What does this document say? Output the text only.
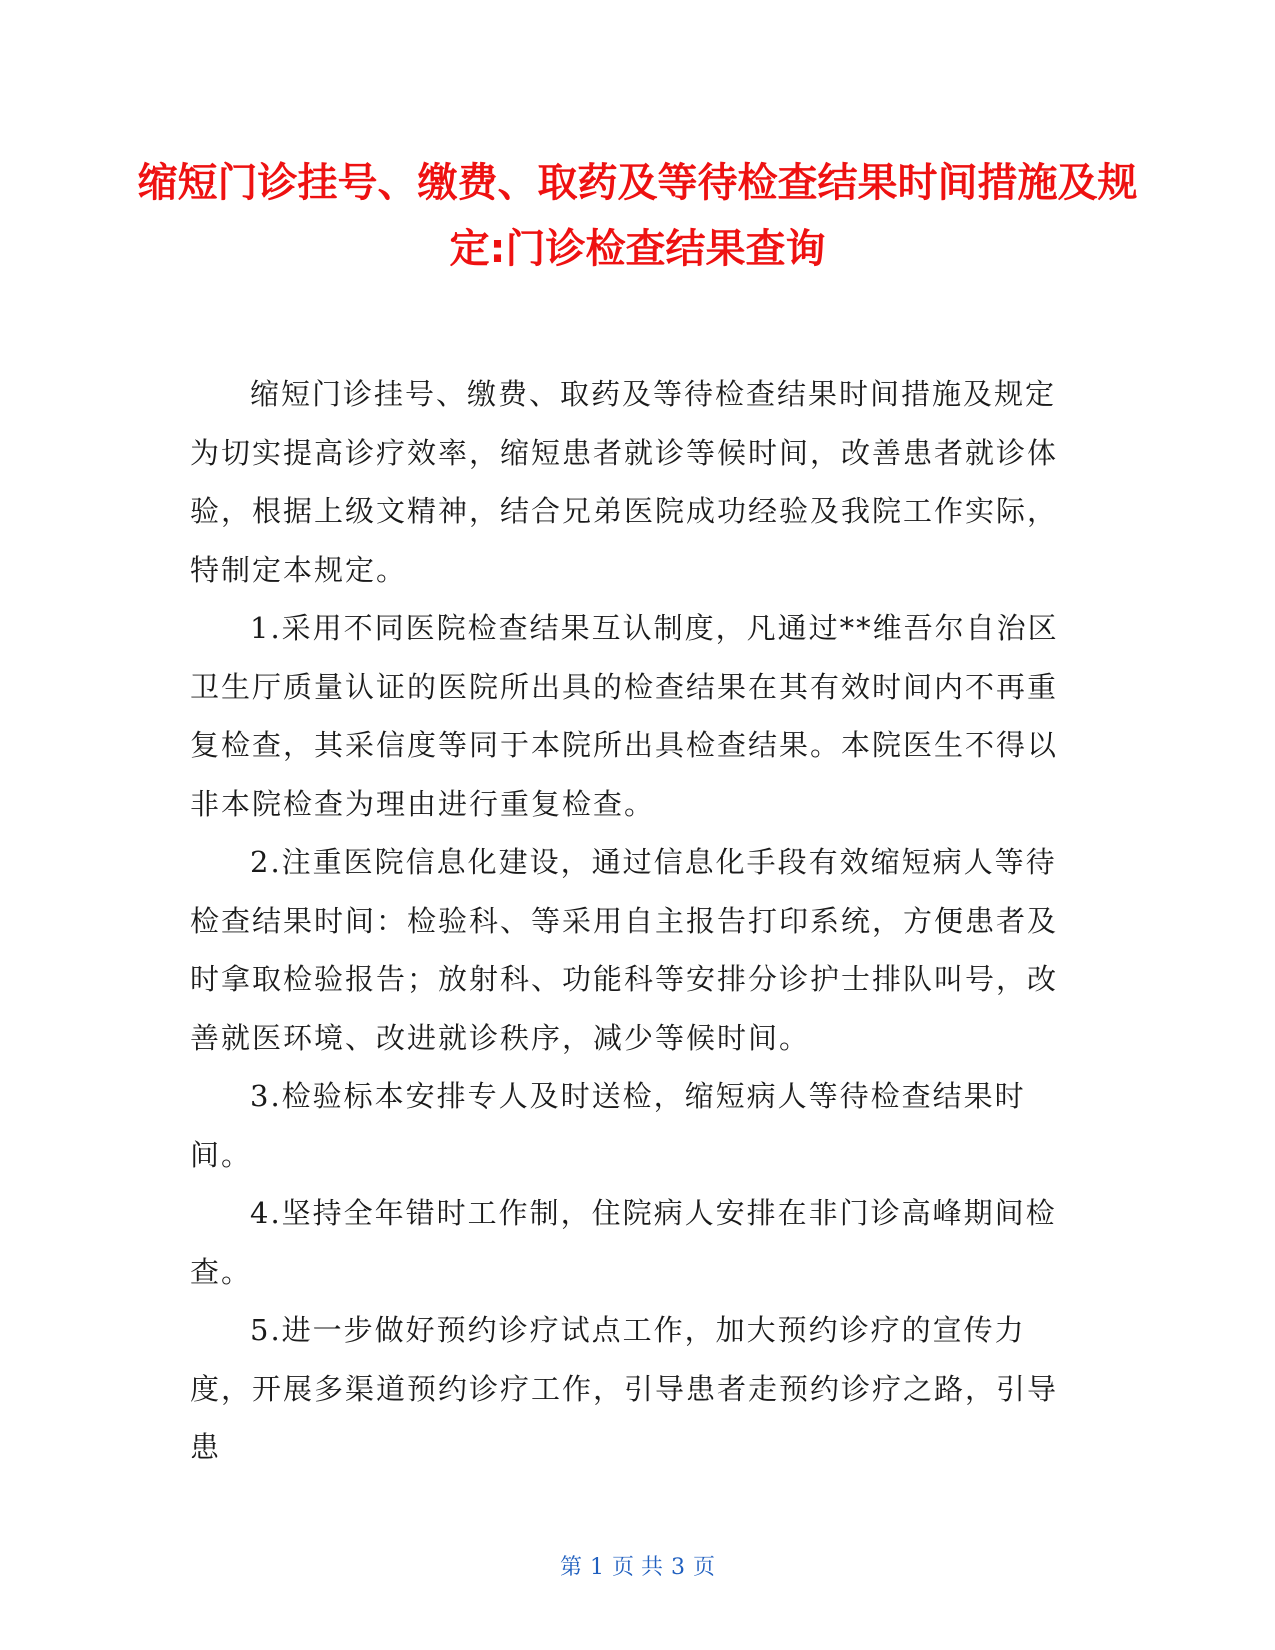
缩短门诊挂号、缴费、取药及等待检查结果时间措施及规定:门诊检查结果查询

缩短门诊挂号、缴费、取药及等待检查结果时间措施及规定为切实提高诊疗效率，缩短患者就诊等候时间，改善患者就诊体验，根据上级文精神，结合兄弟医院成功经验及我院工作实际，特制定本规定。

1.采用不同医院检查结果互认制度，凡通过**维吾尔自治区卫生厅质量认证的医院所出具的检查结果在其有效时间内不再重复检查，其采信度等同于本院所出具检查结果。本院医生不得以非本院检查为理由进行重复检查。

2.注重医院信息化建设，通过信息化手段有效缩短病人等待检查结果时间：检验科、等采用自主报告打印系统，方便患者及时拿取检验报告；放射科、功能科等安排分诊护士排队叫号，改善就医环境、改进就诊秩序，减少等候时间。

3.检验标本安排专人及时送检，缩短病人等待检查结果时间。

4.坚持全年错时工作制，住院病人安排在非门诊高峰期间检查。

5.进一步做好预约诊疗试点工作，加大预约诊疗的宣传力度，开展多渠道预约诊疗工作，引导患者走预约诊疗之路，引导患

第 1 页 共 3 页
